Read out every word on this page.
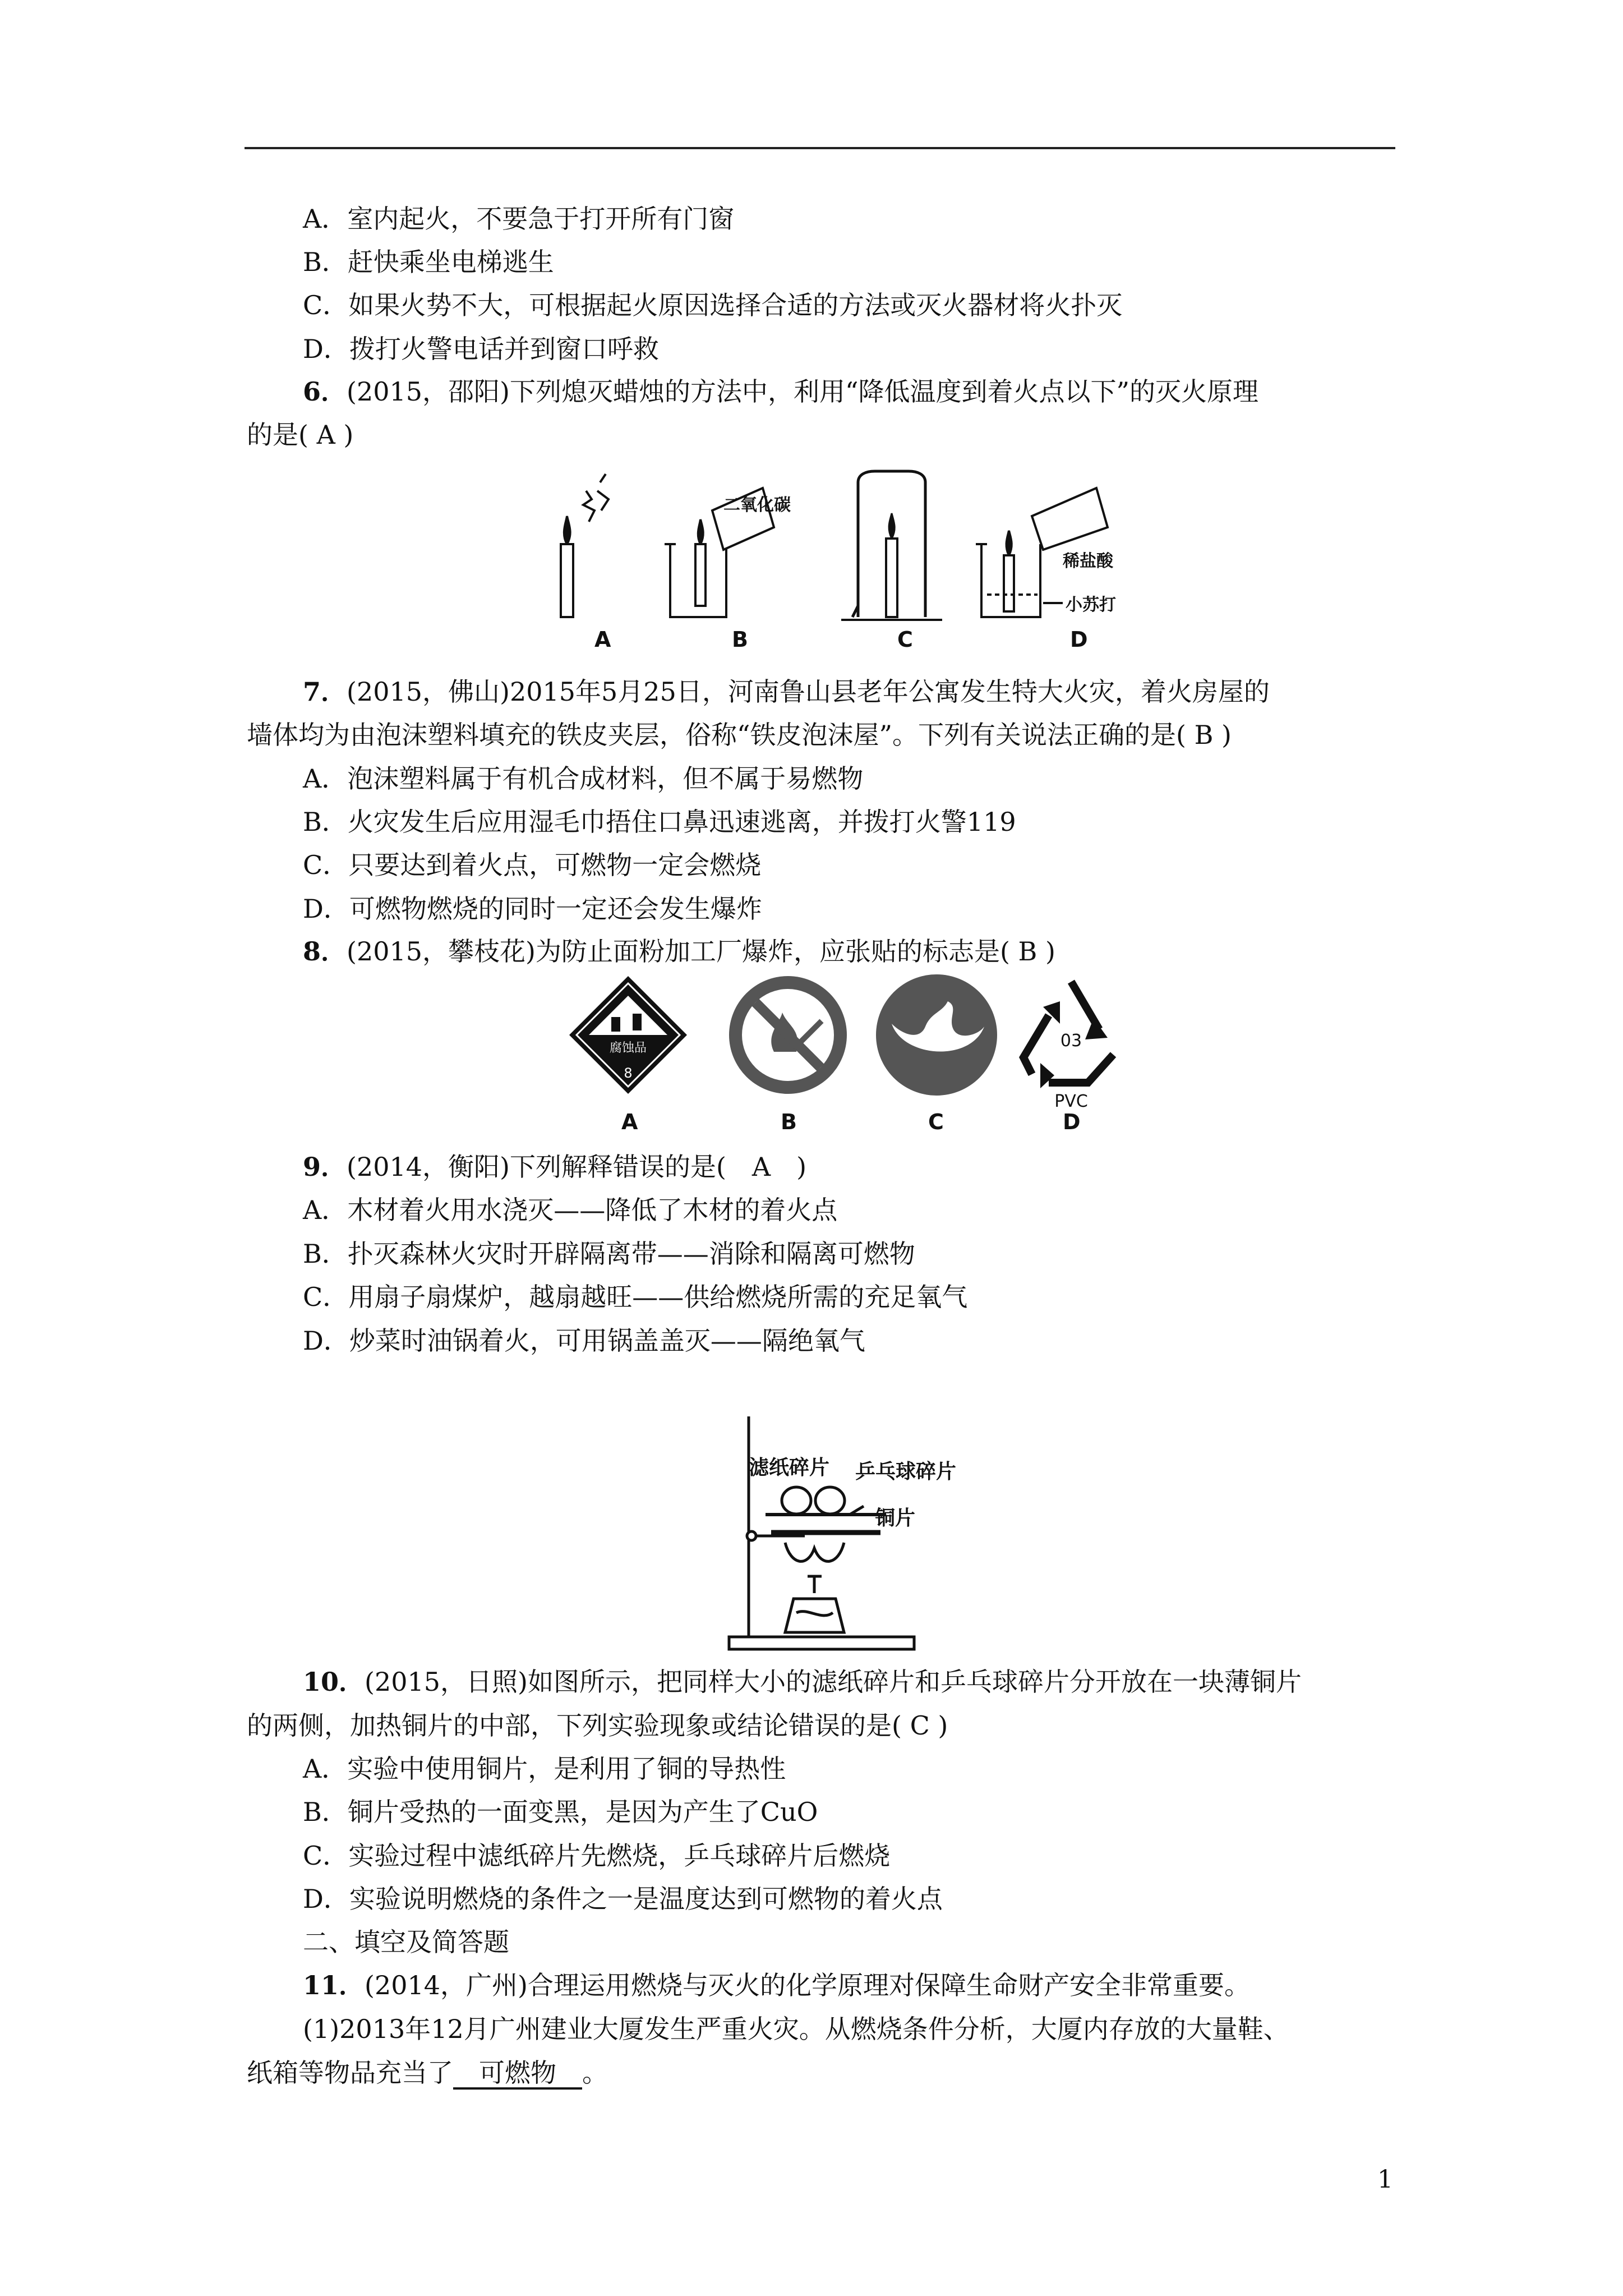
A．室内起火，不要急于打开所有门窗
B．赶快乘坐电梯逃生
C．如果火势不大，可根据起火原因选择合适的方法或灭火器材将火扑灭
D．拨打火警电话并到窗口呼救
6．(2015，邵阳)下列熄灭蜡烛的方法中，利用“降低温度到着火点以下”的灭火原理
的是( A )
二氧化碳
稀盐酸
小苏打
A	B	C	D
7．(2015，佛山)2015年5月25日，河南鲁山县老年公寓发生特大火灾，着火房屋的
墙体均为由泡沫塑料填充的铁皮夹层，俗称“铁皮泡沫屋”。下列有关说法正确的是( B )
A．泡沫塑料属于有机合成材料，但不属于易燃物
B．火灾发生后应用湿毛巾捂住口鼻迅速逃离，并拨打火警119
C．只要达到着火点，可燃物一定会燃烧
D．可燃物燃烧的同时一定还会发生爆炸
8．(2015，攀枝花)为防止面粉加工厂爆炸，应张贴的标志是( B )
腐蚀品
8
03
PVC
A	B	C	D
9．(2014，衡阳)下列解释错误的是(　A　)
A．木材着火用水浇灭——降低了木材的着火点
B．扑灭森林火灾时开辟隔离带——消除和隔离可燃物
C．用扇子扇煤炉，越扇越旺——供给燃烧所需的充足氧气
D．炒菜时油锅着火，可用锅盖盖灭——隔绝氧气
滤纸碎片 乒乓球碎片
铜片
10．(2015，日照)如图所示，把同样大小的滤纸碎片和乒乓球碎片分开放在一块薄铜片
的两侧，加热铜片的中部，下列实验现象或结论错误的是( C )
A．实验中使用铜片，是利用了铜的导热性
B．铜片受热的一面变黑，是因为产生了CuO
C．实验过程中滤纸碎片先燃烧，乒乓球碎片后燃烧
D．实验说明燃烧的条件之一是温度达到可燃物的着火点
二、填空及简答题
11．(2014，广州)合理运用燃烧与灭火的化学原理对保障生命财产安全非常重要。
(1)2013年12月广州建业大厦发生严重火灾。从燃烧条件分析，大厦内存放的大量鞋、
纸箱等物品充当了　可燃物　。
1
